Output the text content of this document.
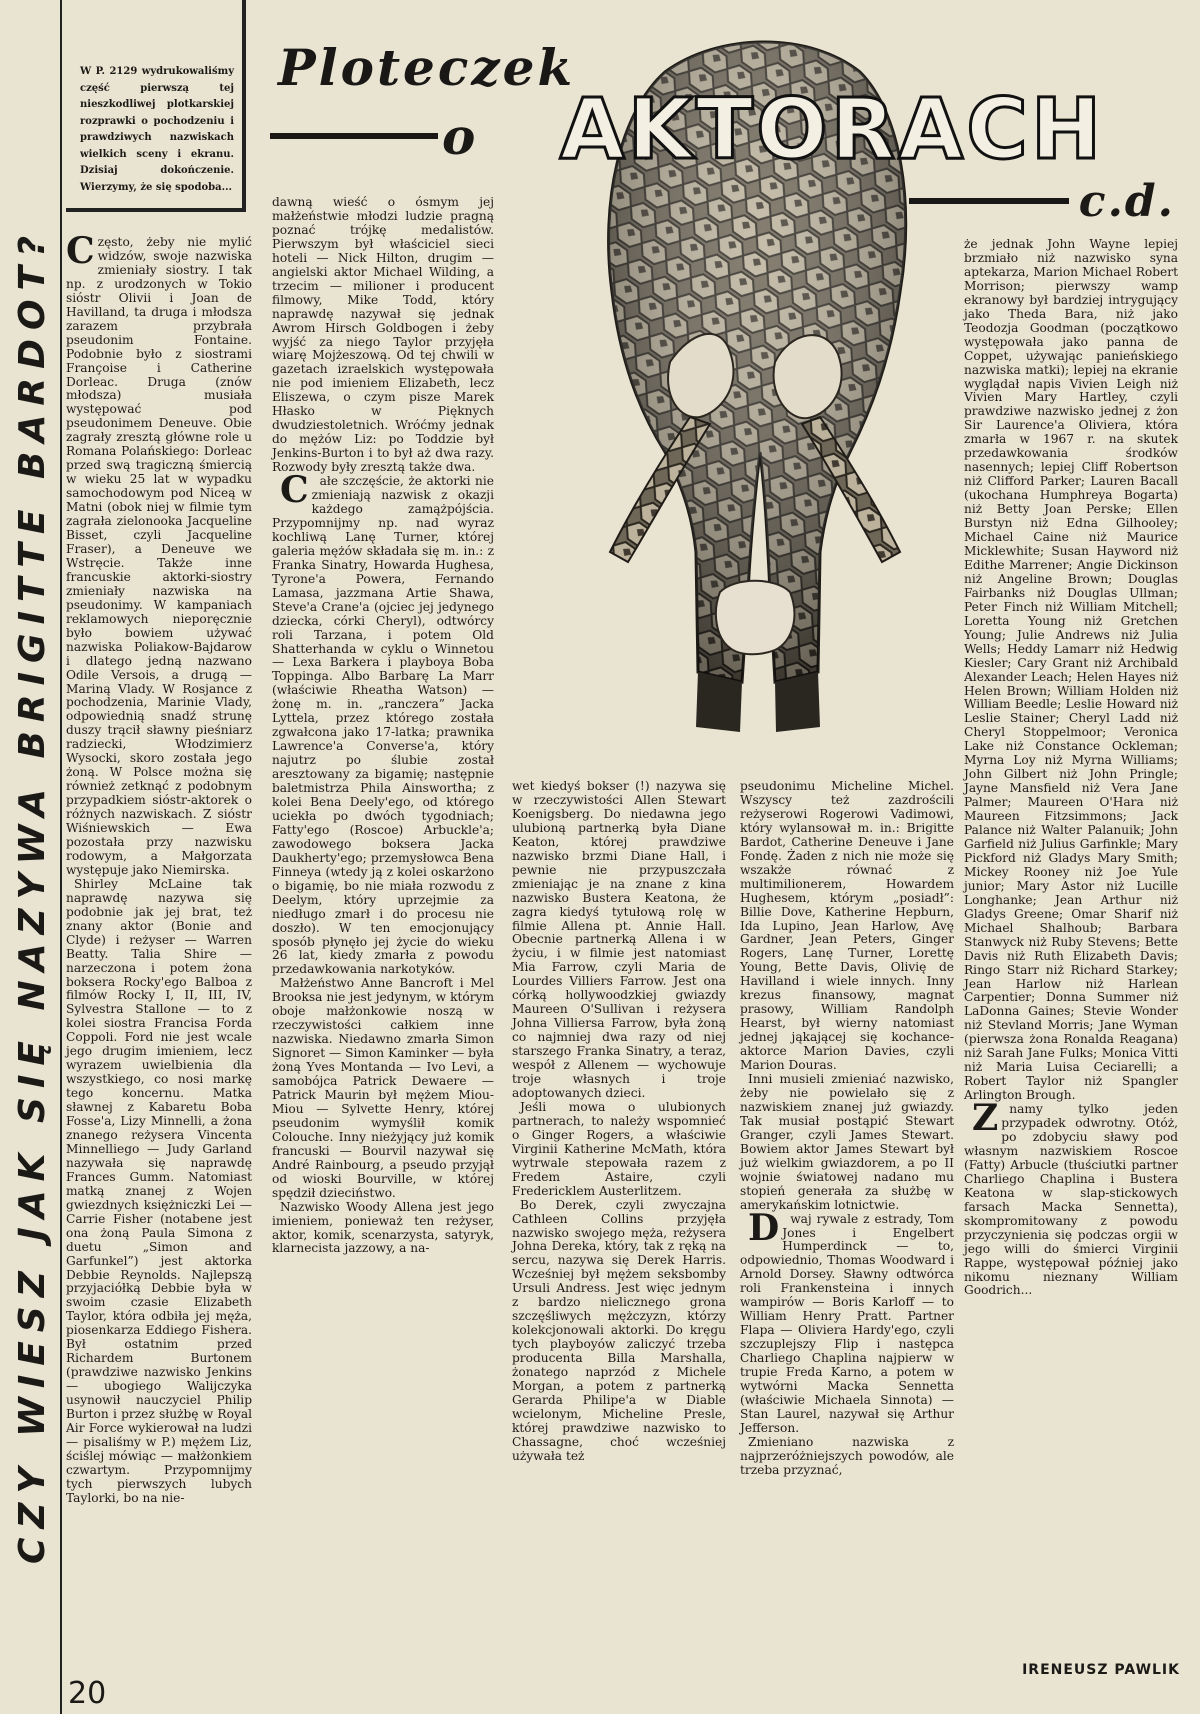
CZY WIESZ JAK SIĘ NAZYWA BRIGITTE BARDOT?
W P. 2129 wydrukowaliśmy część pierwszą tej nieszkodliwej plotkarskiej rozprawki o pochodzeniu i prawdziwych nazwiskach wielkich sceny i ekranu. Dzisiaj dokończenie. Wierzymy, że się spodoba...
Ploteczek
o	AKTORACH
c.d.

Często, żeby nie mylić widzów, swoje nazwiska zmieniały siostry. I tak np. z urodzonych w Tokio sióstr Olivii i Joan de Havilland, ta druga i młodsza zarazem przybrała pseudonim Fontaine. Podobnie było z siostrami Françoise i Catherine Dorleac. Druga (znów młodsza) musiała występować pod pseudonimem Deneuve. Obie zagrały zresztą główne role u Romana Polańskiego: Dorleac przed swą tragiczną śmiercią w wieku 25 lat w wypadku samochodowym pod Niceą w Matni (obok niej w filmie tym zagrała zielonooka Jacqueline Bisset, czyli Jacqueline Fraser), a Deneuve we Wstręcie. Także inne francuskie aktorki-siostry zmieniały nazwiska na pseudonimy. W kampaniach reklamowych nieporęcznie było bowiem używać nazwiska Poliakow-Bajdarow i dlatego jedną nazwano Odile Versois, a drugą — Mariną Vlady. W Rosjance z pochodzenia, Marinie Vlady, odpowiednią snadź strunę duszy trącił sławny pieśniarz radziecki, Włodzimierz Wysocki, skoro została jego żoną. W Polsce można się również zetknąć z podobnym przypadkiem sióstr-aktorek o różnych nazwiskach. Z sióstr Wiśniewskich — Ewa pozostała przy nazwisku rodowym, a Małgorzata występuje jako Niemirska.

Shirley McLaine tak naprawdę nazywa się podobnie jak jej brat, też znany aktor (Bonie and Clyde) i reżyser — Warren Beatty. Talia Shire — narzeczona i potem żona boksera Rocky'ego Balboa z filmów Rocky I, II, III, IV, Sylvestra Stallone — to z kolei siostra Francisa Forda Coppoli. Ford nie jest wcale jego drugim imieniem, lecz wyrazem uwielbienia dla wszystkiego, co nosi markę tego koncernu. Matka sławnej z Kabaretu Boba Fosse'a, Lizy Minnelli, a żona znanego reżysera Vincenta Minnelliego — Judy Garland nazywała się naprawdę Frances Gumm. Natomiast matką znanej z Wojen gwiezdnych księżniczki Lei — Carrie Fisher (notabene jest ona żoną Paula Simona z duetu „Simon and Garfunkel”) jest aktorka Debbie Reynolds. Najlepszą przyjaciółką Debbie była w swoim czasie Elizabeth Taylor, która odbiła jej męża, piosenkarza Eddiego Fishera. Był ostatnim przed Richardem Burtonem (prawdziwe nazwisko Jenkins — ubogiego Walijczyka usynowił nauczyciel Philip Burton i przez służbę w Royal Air Force wykierował na ludzi — pisaliśmy w P.) mężem Liz, ściślej mówiąc — małżonkiem czwartym. Przypomnijmy tych pierwszych lubych Taylorki, bo na nie-

dawną wieść o ósmym jej małżeństwie młodzi ludzie pragną poznać trójkę medalistów. Pierwszym był właściciel sieci hoteli — Nick Hilton, drugim — angielski aktor Michael Wilding, a trzecim — milioner i producent filmowy, Mike Todd, który naprawdę nazywał się jednak Awrom Hirsch Goldbogen i żeby wyjść za niego Taylor przyjęła wiarę Mojżeszową. Od tej chwili w gazetach izraelskich występowała nie pod imieniem Elizabeth, lecz Eliszewa, o czym pisze Marek Hłasko w Pięknych dwudziestoletnich. Wróćmy jednak do mężów Liz: po Toddzie był Jenkins-Burton i to był aż dwa razy. Rozwody były zresztą także dwa.

Całe szczęście, że aktorki nie zmieniają nazwisk z okazji każdego zamążpójścia. Przypomnijmy np. nad wyraz kochliwą Lanę Turner, której galeria mężów składała się m. in.: z Franka Sinatry, Howarda Hughesa, Tyrone'a Powera, Fernando Lamasa, jazzmana Artie Shawa, Steve'a Crane'a (ojciec jej jedynego dziecka, córki Cheryl), odtwórcy roli Tarzana, i potem Old Shatterhanda w cyklu o Winnetou — Lexa Barkera i playboya Boba Toppinga. Albo Barbarę La Marr (właściwie Rheatha Watson) — żonę m. in. „ranczera” Jacka Lyttela, przez którego została zgwałcona jako 17-latka; prawnika Lawrence'a Converse'a, który najutrz po ślubie został aresztowany za bigamię; następnie baletmistrza Phila Ainswortha; z kolei Bena Deely'ego, od którego uciekła po dwóch tygodniach; Fatty'ego (Roscoe) Arbuckle'a; zawodowego boksera Jacka Daukherty'ego; przemysłowca Bena Finneya (wtedy ją z kolei oskarżono o bigamię, bo nie miała rozwodu z Deelym, który uprzejmie za niedługo zmarł i do procesu nie doszło). W ten emocjonujący sposób płynęło jej życie do wieku 26 lat, kiedy zmarła z powodu przedawkowania narkotyków.

Małżeństwo Anne Bancroft i Mel Brooksa nie jest jedynym, w którym oboje małżonkowie noszą w rzeczywistości całkiem inne nazwiska. Niedawno zmarła Simon Signoret — Simon Kaminker — była żoną Yves Montanda — Ivo Levi, a samobójca Patrick Dewaere — Patrick Maurin był mężem Miou-Miou — Sylvette Henry, której pseudonim wymyślił komik Colouche. Inny nieżyjący już komik francuski — Bourvil nazywał się André Rainbourg, a pseudo przyjął od wioski Bourville, w której spędził dzieciństwo.

Nazwisko Woody Allena jest jego imieniem, ponieważ ten reżyser, aktor, komik, scenarzysta, satyryk, klarnecista jazzowy, a na-

wet kiedyś bokser (!) nazywa się w rzeczywistości Allen Stewart Koenigsberg. Do niedawna jego ulubioną partnerką była Diane Keaton, której prawdziwe nazwisko brzmi Diane Hall, i pewnie nie przypuszczała zmieniając je na znane z kina nazwisko Bustera Keatona, że zagra kiedyś tytułową rolę w filmie Allena pt. Annie Hall. Obecnie partnerką Allena i w życiu, i w filmie jest natomiast Mia Farrow, czyli Maria de Lourdes Villiers Farrow. Jest ona córką hollywoodzkiej gwiazdy Maureen O'Sullivan i reżysera Johna Villiersa Farrow, była żoną co najmniej dwa razy od niej starszego Franka Sinatry, a teraz, wespół z Allenem — wychowuje troje własnych i troje adoptowanych dzieci.

Jeśli mowa o ulubionych partnerach, to należy wspomnieć o Ginger Rogers, a właściwie Virginii Katherine McMath, która wytrwale stepowała razem z Fredem Astaire, czyli Fredericklem Austerlitzem.

Bo Derek, czyli zwyczajna Cathleen Collins przyjęła nazwisko swojego męża, reżysera Johna Dereka, który, tak z ręką na sercu, nazywa się Derek Harris. Wcześniej był mężem seksbomby Ursuli Andress. Jest więc jednym z bardzo nielicznego grona szczęśliwych mężczyzn, którzy kolekcjonowali aktorki. Do kręgu tych playboyów zaliczyć trzeba producenta Billa Marshalla, żonatego naprzód z Michele Morgan, a potem z partnerką Gerarda Philipe'a w Diable wcielonym, Micheline Presle, której prawdziwe nazwisko to Chassagne, choć wcześniej używała też

pseudonimu Micheline Michel. Wszyscy też zazdrościli reżyserowi Rogerowi Vadimowi, który wylansował m. in.: Brigitte Bardot, Catherine Deneuve i Jane Fondę. Żaden z nich nie może się wszakże równać z multimilionerem, Howardem Hughesem, którym „posiadł”: Billie Dove, Katherine Hepburn, Ida Lupino, Jean Harlow, Avę Gardner, Jean Peters, Ginger Rogers, Lanę Turner, Lorettę Young, Bette Davis, Olivię de Havilland i wiele innych. Inny krezus finansowy, magnat prasowy, William Randolph Hearst, był wierny natomiast jednej jąkającej się kochance-aktorce Marion Davies, czyli Marion Douras.

Inni musieli zmieniać nazwisko, żeby nie powielało się z nazwiskiem znanej już gwiazdy. Tak musiał postąpić Stewart Granger, czyli James Stewart. Bowiem aktor James Stewart był już wielkim gwiazdorem, a po II wojnie światowej nadano mu stopień generała za służbę w amerykańskim lotnictwie.

Dwaj rywale z estrady, Tom Jones i Engelbert Humperdinck — to, odpowiednio, Thomas Woodward i Arnold Dorsey. Sławny odtwórca roli Frankensteina i innych wampirów — Boris Karloff — to William Henry Pratt. Partner Flapa — Oliviera Hardy'ego, czyli szczuplejszy Flip i następca Charliego Chaplina najpierw w trupie Freda Karno, a potem w wytwórni Macka Sennetta (właściwie Michaela Sinnota) — Stan Laurel, nazywał się Arthur Jefferson.

Zmieniano nazwiska z najprzeróżniejszych powodów, ale trzeba przyznać,

że jednak John Wayne lepiej brzmiało niż nazwisko syna aptekarza, Marion Michael Robert Morrison; pierwszy wamp ekranowy był bardziej intrygujący jako Theda Bara, niż jako Teodozja Goodman (początkowo występowała jako panna de Coppet, używając panieńskiego nazwiska matki); lepiej na ekranie wyglądał napis Vivien Leigh niż Vivien Mary Hartley, czyli prawdziwe nazwisko jednej z żon Sir Laurence'a Oliviera, która zmarła w 1967 r. na skutek przedawkowania środków nasennych; lepiej Cliff Robertson niż Clifford Parker; Lauren Bacall (ukochana Humphreya Bogarta) niż Betty Joan Perske; Ellen Burstyn niż Edna Gilhooley; Michael Caine niż Maurice Micklewhite; Susan Hayword niż Edithe Marrener; Angie Dickinson niż Angeline Brown; Douglas Fairbanks niż Douglas Ullman; Peter Finch niż William Mitchell; Loretta Young niż Gretchen Young; Julie Andrews niż Julia Wells; Heddy Lamarr niż Hedwig Kiesler; Cary Grant niż Archibald Alexander Leach; Helen Hayes niż Helen Brown; William Holden niż William Beedle; Leslie Howard niż Leslie Stainer; Cheryl Ladd niż Cheryl Stoppelmoor; Veronica Lake niż Constance Ockleman; Myrna Loy niż Myrna Williams; John Gilbert niż John Pringle; Jayne Mansfield niż Vera Jane Palmer; Maureen O'Hara niż Maureen Fitzsimmons; Jack Palance niż Walter Palanuik; John Garfield niż Julius Garfinkle; Mary Pickford niż Gladys Mary Smith; Mickey Rooney niż Joe Yule junior; Mary Astor niż Lucille Longhanke; Jean Arthur niż Gladys Greene; Omar Sharif niż Michael Shalhoub; Barbara Stanwyck niż Ruby Stevens; Bette Davis niż Ruth Elizabeth Davis; Ringo Starr niż Richard Starkey; Jean Harlow niż Harlean Carpentier; Donna Summer niż LaDonna Gaines; Stevie Wonder niż Stevland Morris; Jane Wyman (pierwsza żona Ronalda Reagana) niż Sarah Jane Fulks; Monica Vitti niż Maria Luisa Ceciarelli; a Robert Taylor niż Spangler Arlington Brough.

Znamy tylko jeden przypadek odwrotny. Otóż, po zdobyciu sławy pod własnym nazwiskiem Roscoe (Fatty) Arbucle (tłuściutki partner Charliego Chaplina i Bustera Keatona w slap-stickowych farsach Macka Sennetta), skompromitowany z powodu przyczynienia się podczas orgii w jego willi do śmierci Virginii Rappe, występował później jako nikomu nieznany William Goodrich...

IRENEUSZ PAWLIK
20
